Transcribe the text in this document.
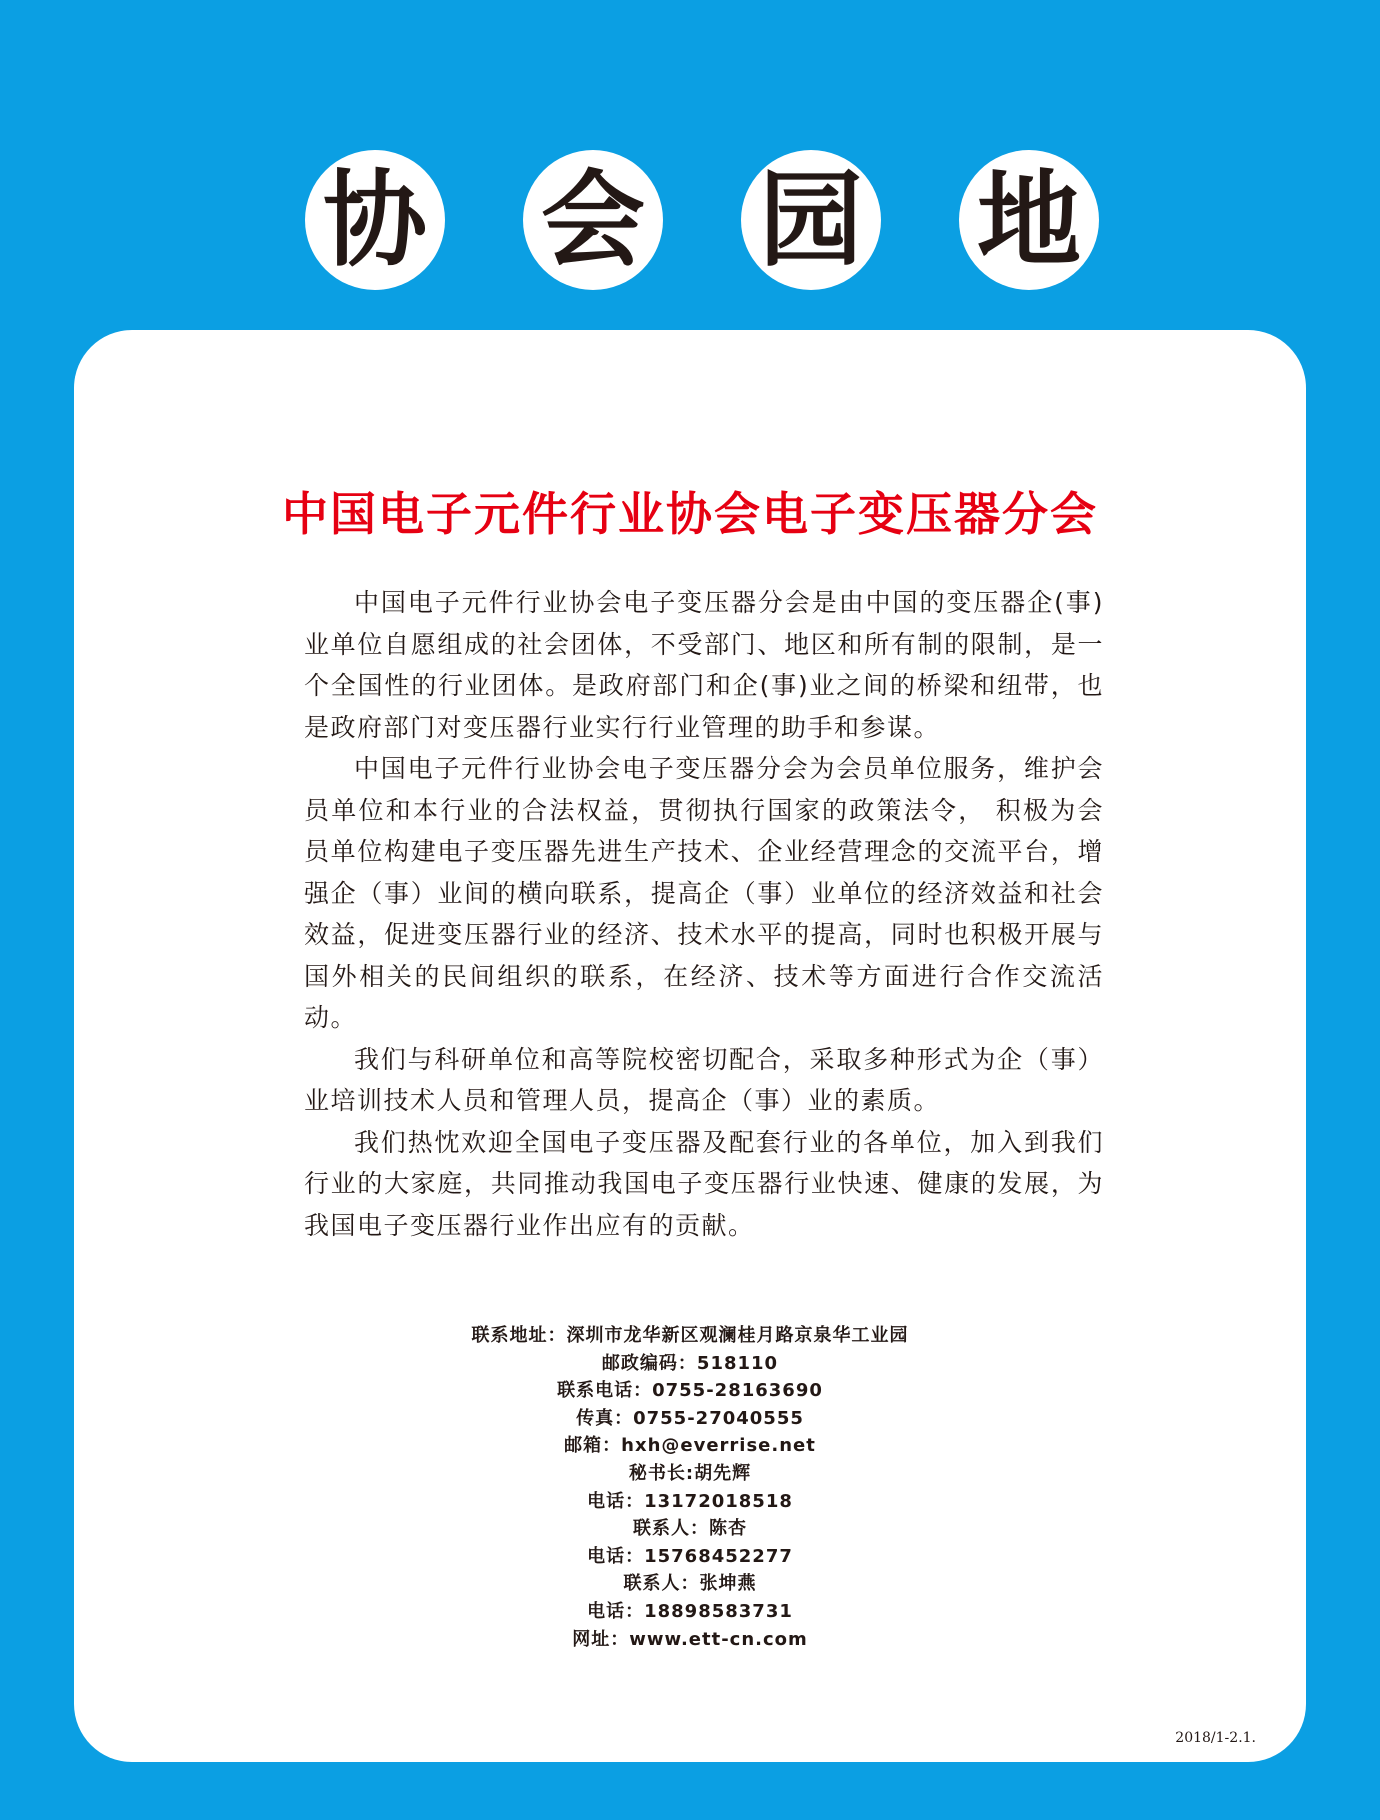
协 会 园 地
中国电子元件行业协会电子变压器分会

中国电子元件行业协会电子变压器分会是由中国的变压器企(事)业单位自愿组成的社会团体，不受部门、地区和所有制的限制，是一个全国性的行业团体。是政府部门和企(事)业之间的桥梁和纽带，也是政府部门对变压器行业实行行业管理的助手和参谋。

中国电子元件行业协会电子变压器分会为会员单位服务，维护会员单位和本行业的合法权益，贯彻执行国家的政策法令， 积极为会员单位构建电子变压器先进生产技术、企业经营理念的交流平台，增强企（事）业间的横向联系，提高企（事）业单位的经济效益和社会效益，促进变压器行业的经济、技术水平的提高，同时也积极开展与国外相关的民间组织的联系，在经济、技术等方面进行合作交流活动。

我们与科研单位和高等院校密切配合，采取多种形式为企（事）业培训技术人员和管理人员，提高企（事）业的素质。

我们热忱欢迎全国电子变压器及配套行业的各单位，加入到我们行业的大家庭，共同推动我国电子变压器行业快速、健康的发展，为我国电子变压器行业作出应有的贡献。

联系地址：深圳市龙华新区观澜桂月路京泉华工业园
邮政编码：518110
联系电话：0755-28163690
传真：0755-27040555
邮箱：hxh@everrise.net
秘书长:胡先辉
电话：13172018518
联系人：陈杏
电话：15768452277
联系人：张坤燕
电话：18898583731
网址：www.ett-cn.com
2018/1-2.1.
